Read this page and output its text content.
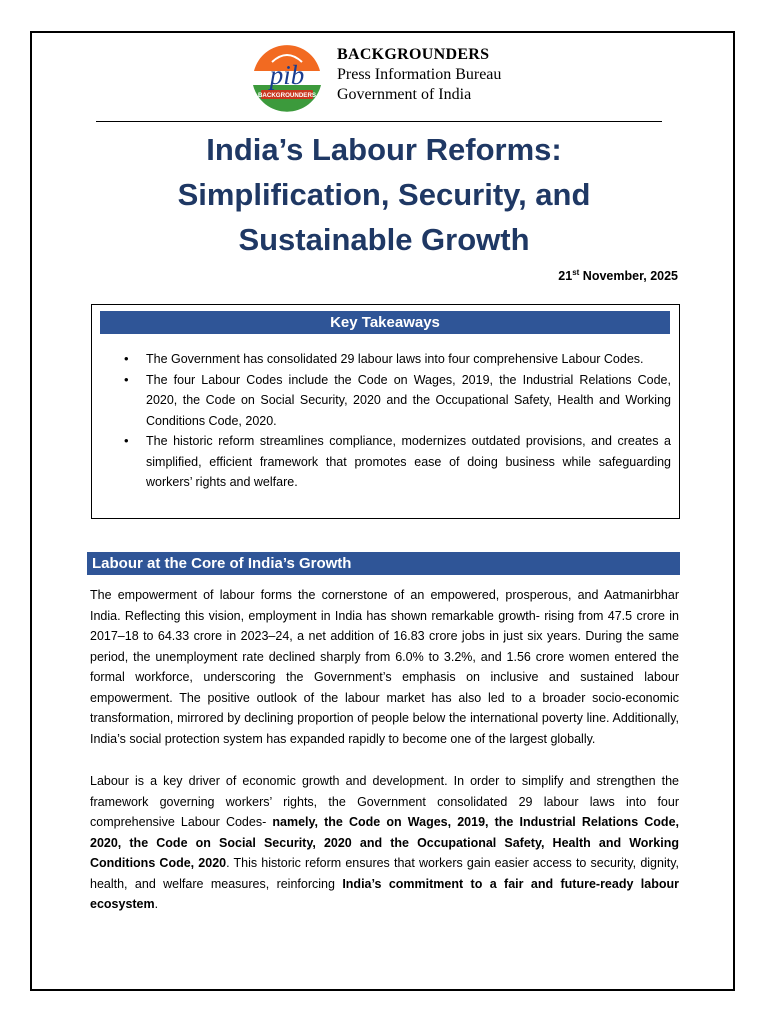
pib
BACKGROUNDERS
BACKGROUNDERS
Press Information Bureau
Government of India
India’s Labour Reforms:
Simplification, Security, and
Sustainable Growth
21st November, 2025
Key Takeaways
• The Government has consolidated 29 labour laws into four comprehensive Labour Codes.
• The four Labour Codes include the Code on Wages, 2019, the Industrial Relations Code, 2020, the Code on Social Security, 2020 and the Occupational Safety, Health and Working Conditions Code, 2020.
• The historic reform streamlines compliance, modernizes outdated provisions, and creates a simplified, efficient framework that promotes ease of doing business while safeguarding workers’ rights and welfare.
Labour at the Core of India’s Growth

The empowerment of labour forms the cornerstone of an empowered, prosperous, and Aatmanirbhar India. Reflecting this vision, employment in India has shown remarkable growth- rising from 47.5 crore in 2017–18 to 64.33 crore in 2023–24, a net addition of 16.83 crore jobs in just six years. During the same period, the unemployment rate declined sharply from 6.0% to 3.2%, and 1.56 crore women entered the formal workforce, underscoring the Government’s emphasis on inclusive and sustained labour empowerment. The positive outlook of the labour market has also led to a broader socio-economic transformation, mirrored by declining proportion of people below the international poverty line. Additionally, India’s social protection system has expanded rapidly to become one of the largest globally.

Labour is a key driver of economic growth and development. In order to simplify and strengthen the framework governing workers’ rights, the Government consolidated 29 labour laws into four comprehensive Labour Codes- namely, the Code on Wages, 2019, the Industrial Relations Code, 2020, the Code on Social Security, 2020 and the Occupational Safety, Health and Working Conditions Code, 2020. This historic reform ensures that workers gain easier access to security, dignity, health, and welfare measures, reinforcing India’s commitment to a fair and future-ready labour ecosystem.
